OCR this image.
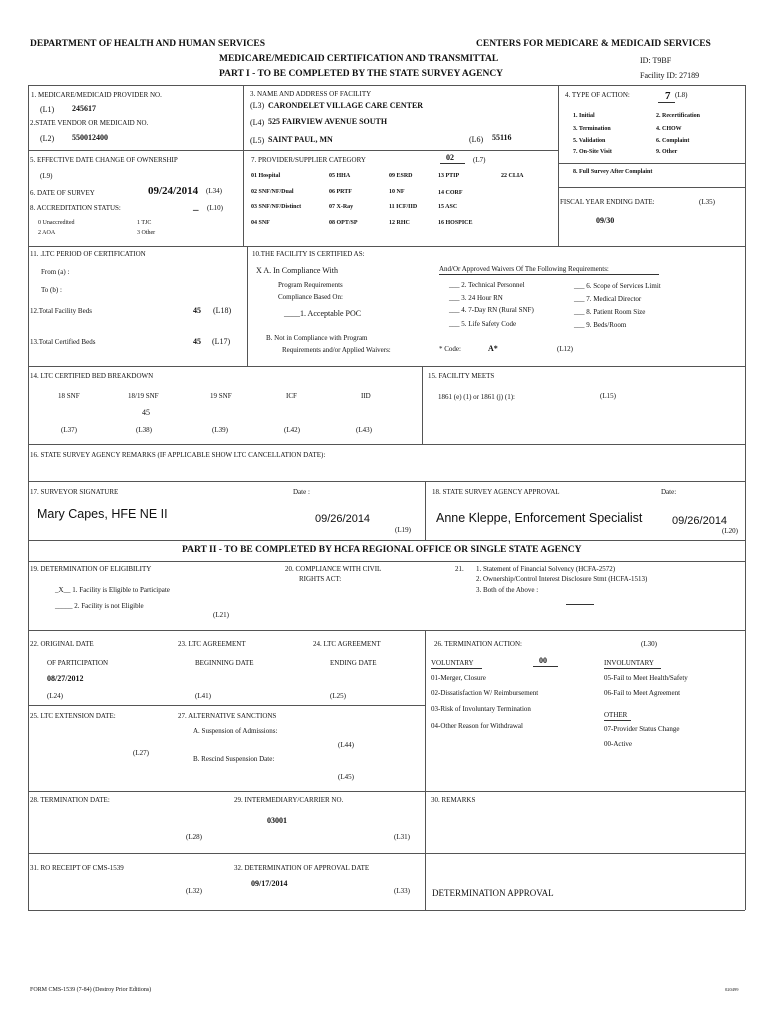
DEPARTMENT OF HEALTH AND HUMAN SERVICES	CENTERS FOR MEDICARE & MEDICAID SERVICES
MEDICARE/MEDICAID CERTIFICATION AND TRANSMITTAL
PART I - TO BE COMPLETED BY THE STATE SURVEY AGENCY
ID: T9BF
Facility ID: 27189
1. MEDICARE/MEDICAID PROVIDER NO.
(L1) 245617
2.STATE VENDOR OR MEDICAID NO.
(L2) 550012400
3. NAME AND ADDRESS OF FACILITY
(L3) CARONDELET VILLAGE CARE CENTER
(L4) 525 FAIRVIEW AVENUE SOUTH
(L5) SAINT PAUL, MN	(L6) 55116
4. TYPE OF ACTION:	7 (L8)
1. Initial	2. Recertification
3. Termination	4. CHOW
5. Validation	6. Complaint
7. On-Site Visit	9. Other
8. Full Survey After Complaint
5. EFFECTIVE DATE CHANGE OF OWNERSHIP
(L9)
6. DATE OF SURVEY	09/24/2014 (L34)
8. ACCREDITATION STATUS:	_ (L10)
0 Unaccredited	1 TJC
2 AOA	3 Other
7. PROVIDER/SUPPLIER CATEGORY	02	(L7)
01 Hospital	05 HHA	09 ESRD	13 PTIP	22 CLIA
02 SNF/NF/Dual	06 PRTF	10 NF	14 CORF
03 SNF/NF/Distinct	07 X-Ray	11 ICF/IID	15 ASC
04 SNF	08 OPT/SP	12 RHC	16 HOSPICE
FISCAL YEAR ENDING DATE:	(L35)
09/30
11. .LTC PERIOD OF CERTIFICATION
From (a) :
To (b) :
12.Total Facility Beds	45 (L18)
13.Total Certified Beds	45 (L17)
10.THE FACILITY IS CERTIFIED AS:
X A. In Compliance With
Program Requirements
Compliance Based On:
____1. Acceptable POC
B. Not in Compliance with Program
Requirements and/or Applied Waivers:
And/Or Approved Waivers Of The Following Requirements:
___ 2. Technical Personnel
___ 3. 24 Hour RN
___ 4. 7-Day RN (Rural SNF)
___ 5. Life Safety Code
___ 6. Scope of Services Limit
___ 7. Medical Director
___ 8. Patient Room Size
___ 9. Beds/Room
* Code:	A*	(L12)
14. LTC CERTIFIED BED BREAKDOWN
18 SNF	18/19 SNF	19 SNF	ICF	IID
45
(L37)	(L38)	(L39)	(L42)	(L43)
15. FACILITY MEETS
1861 (e) (1) or 1861 (j) (1):	(L15)
16. STATE SURVEY AGENCY REMARKS (IF APPLICABLE SHOW LTC CANCELLATION DATE):
17. SURVEYOR SIGNATURE	Date :
Mary Capes, HFE NE II	09/26/2014
(L19)
18. STATE SURVEY AGENCY APPROVAL	Date:
Anne Kleppe, Enforcement Specialist	09/26/2014
(L20)
PART II - TO BE COMPLETED BY HCFA REGIONAL OFFICE OR SINGLE STATE AGENCY
19. DETERMINATION OF ELIGIBILITY
_X__ 1. Facility is Eligible to Participate
_____ 2. Facility is not Eligible
(L21)
20. COMPLIANCE WITH CIVIL
RIGHTS ACT:
21. 1. Statement of Financial Solvency (HCFA-2572)
2. Ownership/Control Interest Disclosure Stmt (HCFA-1513)
3. Both of the Above :
22. ORIGINAL DATE
OF PARTICIPATION
08/27/2012
(L24)
23. LTC AGREEMENT
BEGINNING DATE
(L41)
24. LTC AGREEMENT
ENDING DATE
(L25)
25. LTC EXTENSION DATE:
(L27)
27. ALTERNATIVE SANCTIONS
A. Suspension of Admissions:
(L44)
B. Rescind Suspension Date:
(L45)
26. TERMINATION ACTION:	(L30)
VOLUNTARY	00	INVOLUNTARY
01-Merger, Closure
02-Dissatisfaction W/ Reimbursement
03-Risk of Involuntary Termination
04-Other Reason for Withdrawal
05-Fail to Meet Health/Safety
06-Fail to Meet Agreement
OTHER
07-Provider Status Change
00-Active
28. TERMINATION DATE:
(L28)
29. INTERMEDIARY/CARRIER NO.
03001
(L31)
30. REMARKS
31. RO RECEIPT OF CMS-1539
(L32)
32. DETERMINATION OF APPROVAL DATE
09/17/2014
(L33) DETERMINATION APPROVAL
FORM CMS-1539 (7-84) (Destroy Prior Editions)	020499
